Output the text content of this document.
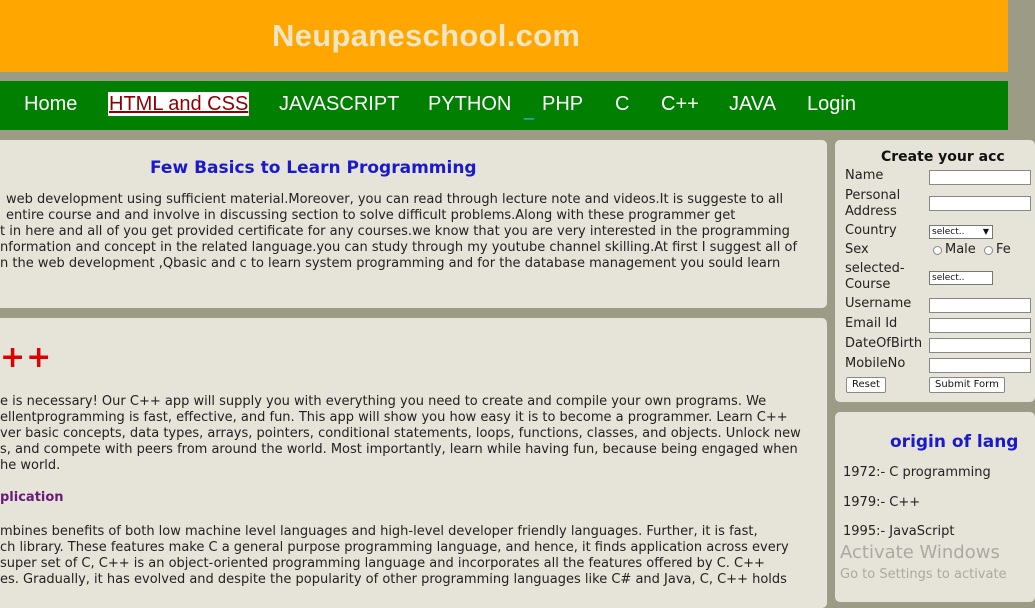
Neupaneschool.com
Home HTML and CSS JAVASCRIPT PYTHON PHP C C++ JAVA Login
_
Few Basics to Learn Programming
web development using sufficient material.Moreover, you can read through lecture note and videos.It is suggeste to all
entire course and and involve in discussing section to solve difficult problems.Along with these programmer get
t in here and all of you get provided certificate for any courses.we know that you are very interested in the programming
nformation and concept in the related language.you can study through my youtube channel skilling.At first I suggest all of
n the web development ,Qbasic and c to learn system programming and for the database management you sould learn
++
e is necessary! Our C++ app will supply you with everything you need to create and compile your own programs. We
ellentprogramming is fast, effective, and fun. This app will show you how easy it is to become a programmer. Learn C++
ver basic concepts, data types, arrays, pointers, conditional statements, loops, functions, classes, and objects. Unlock new
s, and compete with peers from around the world. Most importantly, learn while having fun, because being engaged when
he world.
plication
mbines benefits of both low machine level languages and high-level developer friendly languages. Further, it is fast,
ch library. These features make C a general purpose programming language, and hence, it finds application across every
super set of C, C++ is an object-oriented programming language and incorporates all the features offered by C. C++
es. Gradually, it has evolved and despite the popularity of other programming languages like C# and Java, C, C++ holds
Create your acc
Name
Personal Address
Country	select.. ▼
Sex	Male Fe
selected-Course	select..
Username
Email Id
DateOfBirth
MobileNo
Reset	Submit Form
origin of lang
1972:- C programming
1979:- C++
1995:- JavaScript
Activate Windows
Go to Settings to activate
